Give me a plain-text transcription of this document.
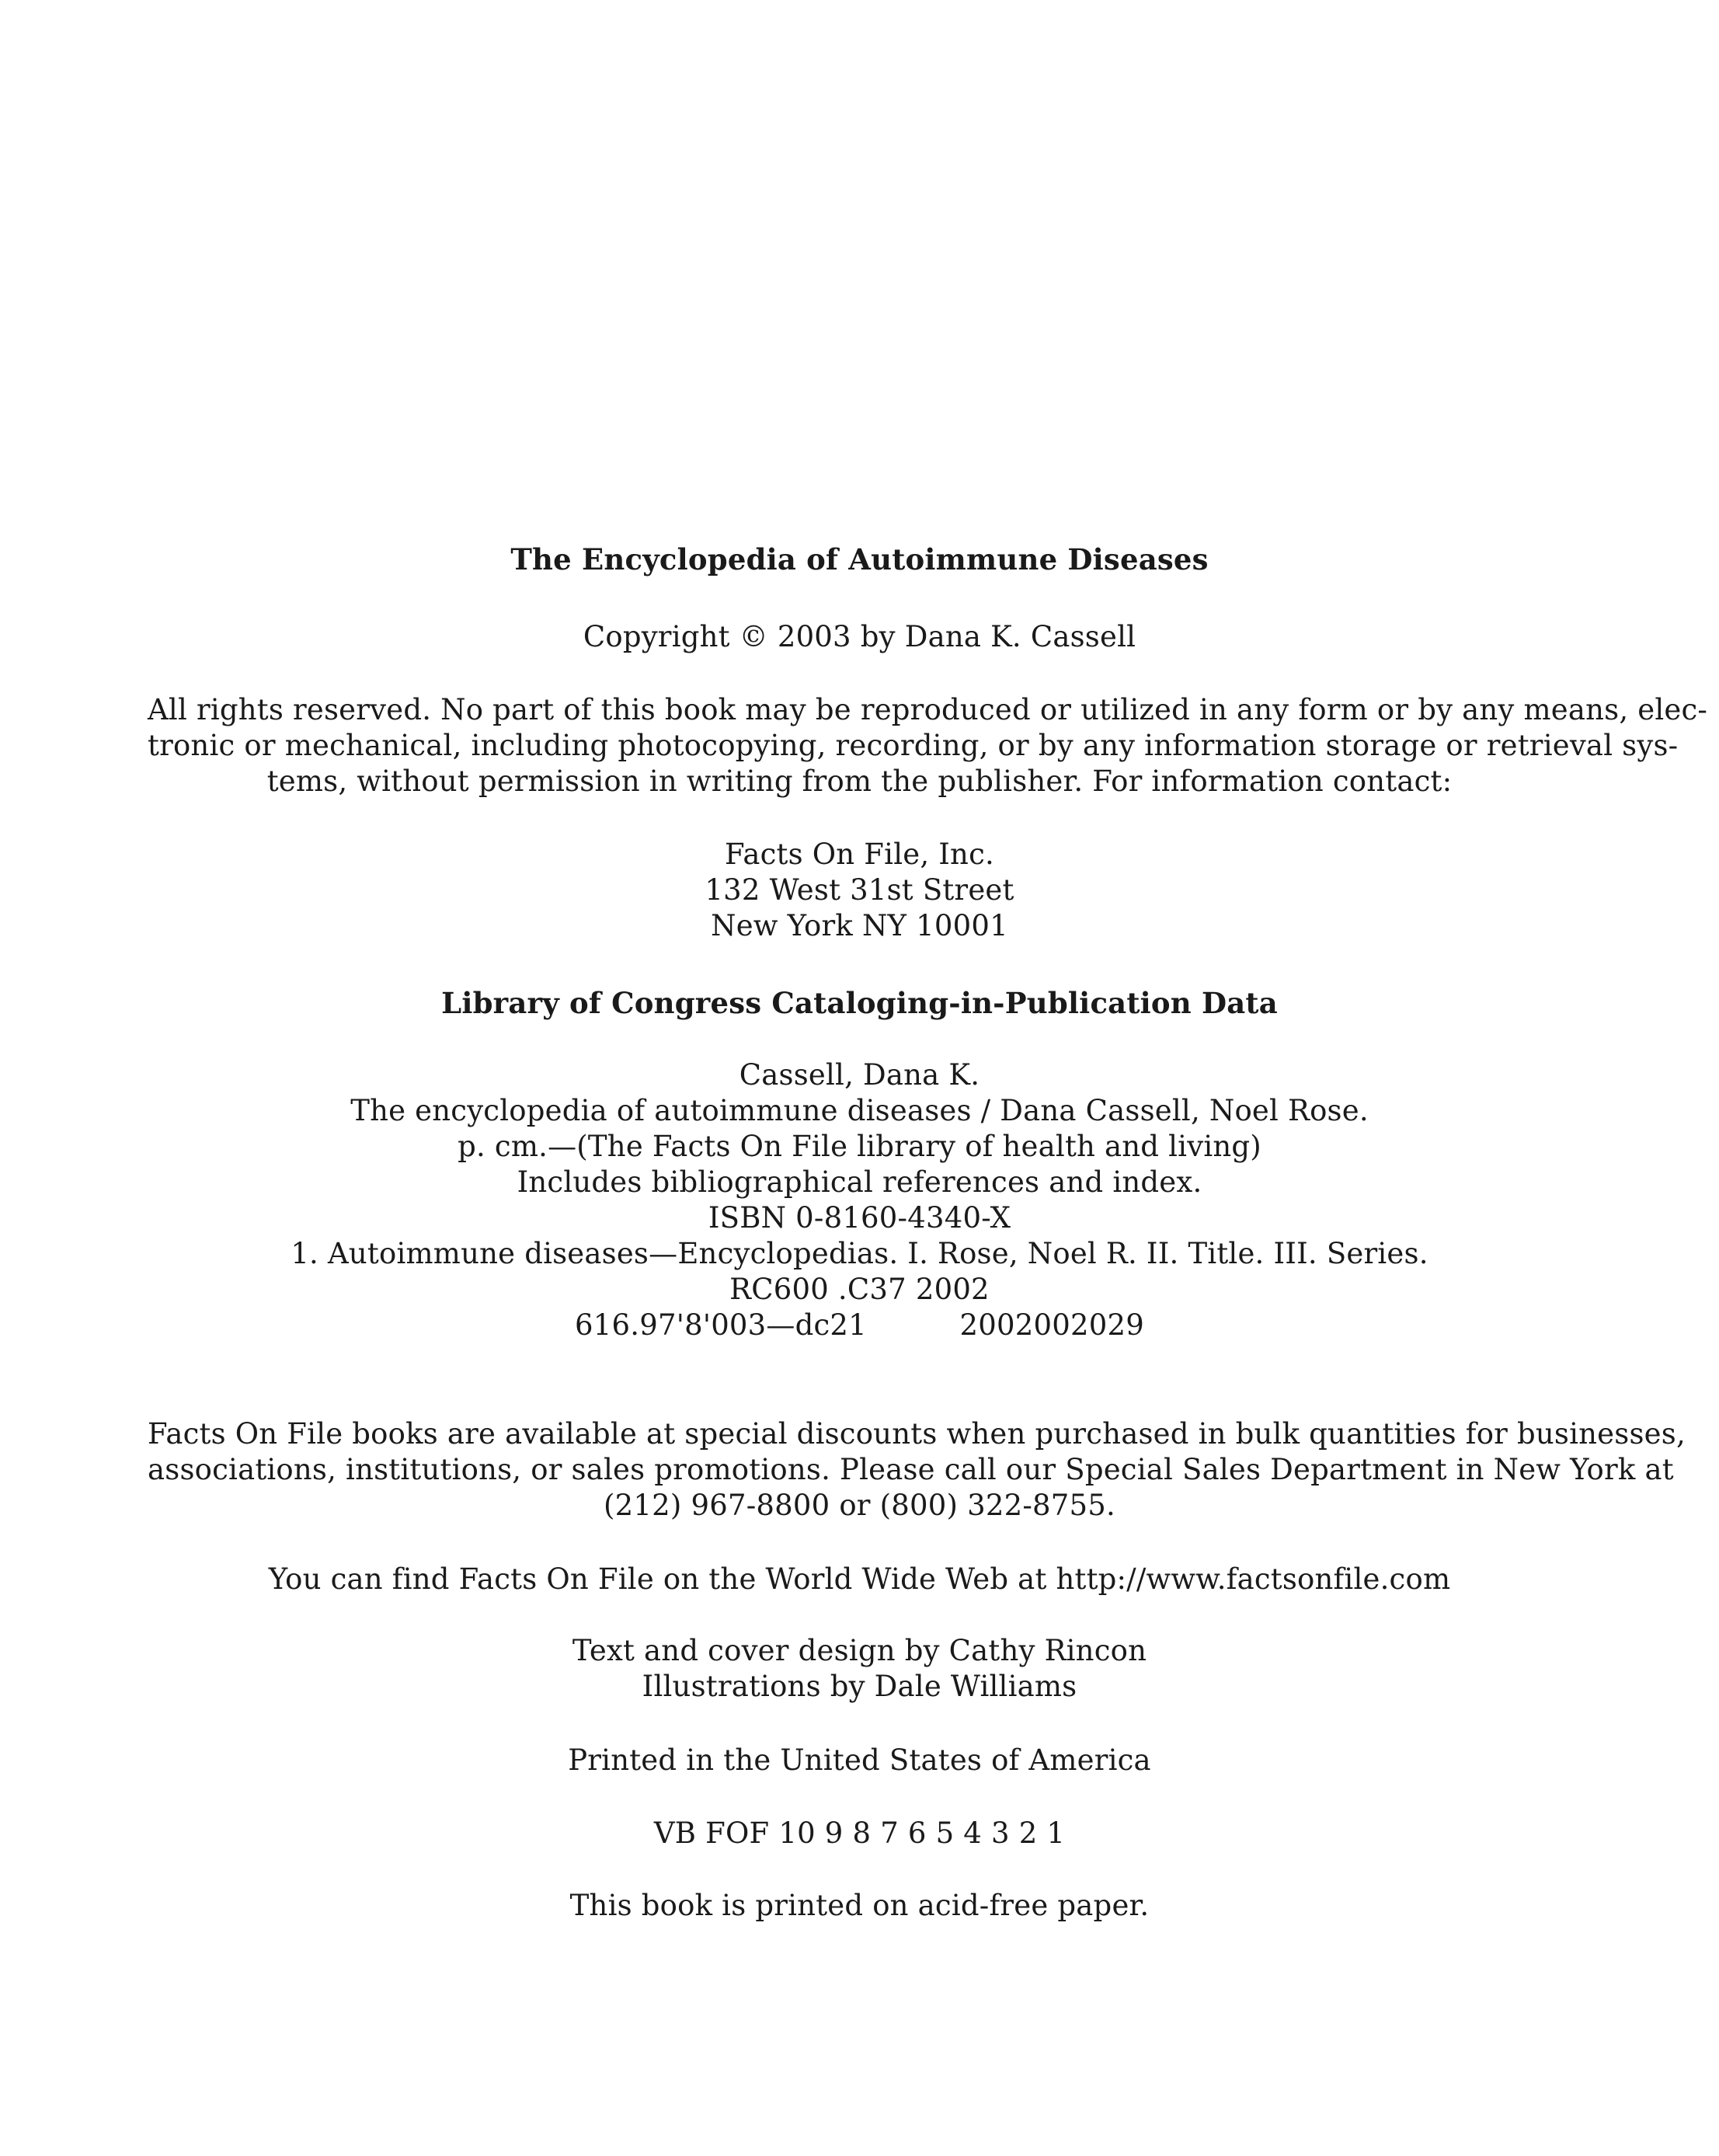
The Encyclopedia of Autoimmune Diseases
Copyright © 2003 by Dana K. Cassell
All rights reserved. No part of this book may be reproduced or utilized in any form or by any means, elec-
tronic or mechanical, including photocopying, recording, or by any information storage or retrieval sys-
tems, without permission in writing from the publisher. For information contact:
Facts On File, Inc.
132 West 31st Street
New York NY 10001
Library of Congress Cataloging-in-Publication Data
Cassell, Dana K.
The encyclopedia of autoimmune diseases / Dana Cassell, Noel Rose.
p. cm.—(The Facts On File library of health and living)
Includes bibliographical references and index.
ISBN 0-8160-4340-X
1. Autoimmune diseases—Encyclopedias. I. Rose, Noel R. II. Title. III. Series.
RC600 .C37 2002
616.97'8'003—dc21	2002002029
Facts On File books are available at special discounts when purchased in bulk quantities for businesses,
associations, institutions, or sales promotions. Please call our Special Sales Department in New York at
(212) 967-8800 or (800) 322-8755.
You can find Facts On File on the World Wide Web at http://www.factsonfile.com
Text and cover design by Cathy Rincon
Illustrations by Dale Williams
Printed in the United States of America
VB FOF 10 9 8 7 6 5 4 3 2 1
This book is printed on acid-free paper.
